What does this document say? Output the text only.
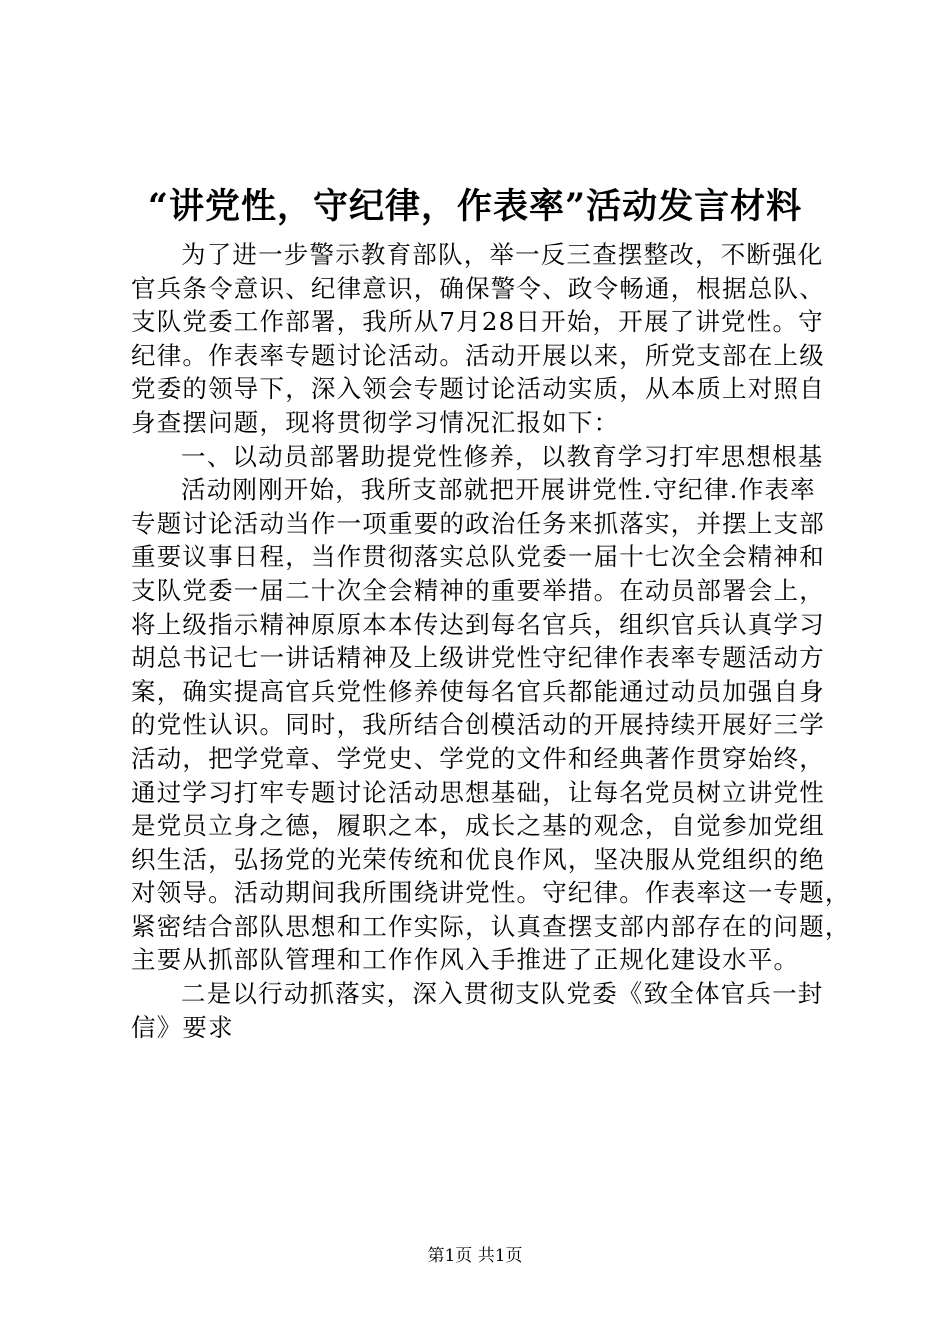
“讲党性，守纪律，作表率”活动发言材料
为了进一步警示教育部队，举一反三查摆整改，不断强化
官兵条令意识、纪律意识，确保警令、政令畅通，根据总队、
支队党委工作部署，我所从7月28日开始，开展了讲党性。守
纪律。作表率专题讨论活动。活动开展以来，所党支部在上级
党委的领导下，深入领会专题讨论活动实质，从本质上对照自
身查摆问题，现将贯彻学习情况汇报如下：
一、以动员部署助提党性修养，以教育学习打牢思想根基
活动刚刚开始，我所支部就把开展讲党性.守纪律.作表率
专题讨论活动当作一项重要的政治任务来抓落实，并摆上支部
重要议事日程，当作贯彻落实总队党委一届十七次全会精神和
支队党委一届二十次全会精神的重要举措。在动员部署会上，
将上级指示精神原原本本传达到每名官兵，组织官兵认真学习
胡总书记七一讲话精神及上级讲党性守纪律作表率专题活动方
案，确实提高官兵党性修养使每名官兵都能通过动员加强自身
的党性认识。同时，我所结合创模活动的开展持续开展好三学
活动，把学党章、学党史、学党的文件和经典著作贯穿始终，
通过学习打牢专题讨论活动思想基础，让每名党员树立讲党性
是党员立身之德，履职之本，成长之基的观念，自觉参加党组
织生活，弘扬党的光荣传统和优良作风，坚决服从党组织的绝
对领导。活动期间我所围绕讲党性。守纪律。作表率这一专题，
紧密结合部队思想和工作实际，认真查摆支部内部存在的问题，
主要从抓部队管理和工作作风入手推进了正规化建设水平。
二是以行动抓落实，深入贯彻支队党委《致全体官兵一封
信》要求
第1页 共1页
